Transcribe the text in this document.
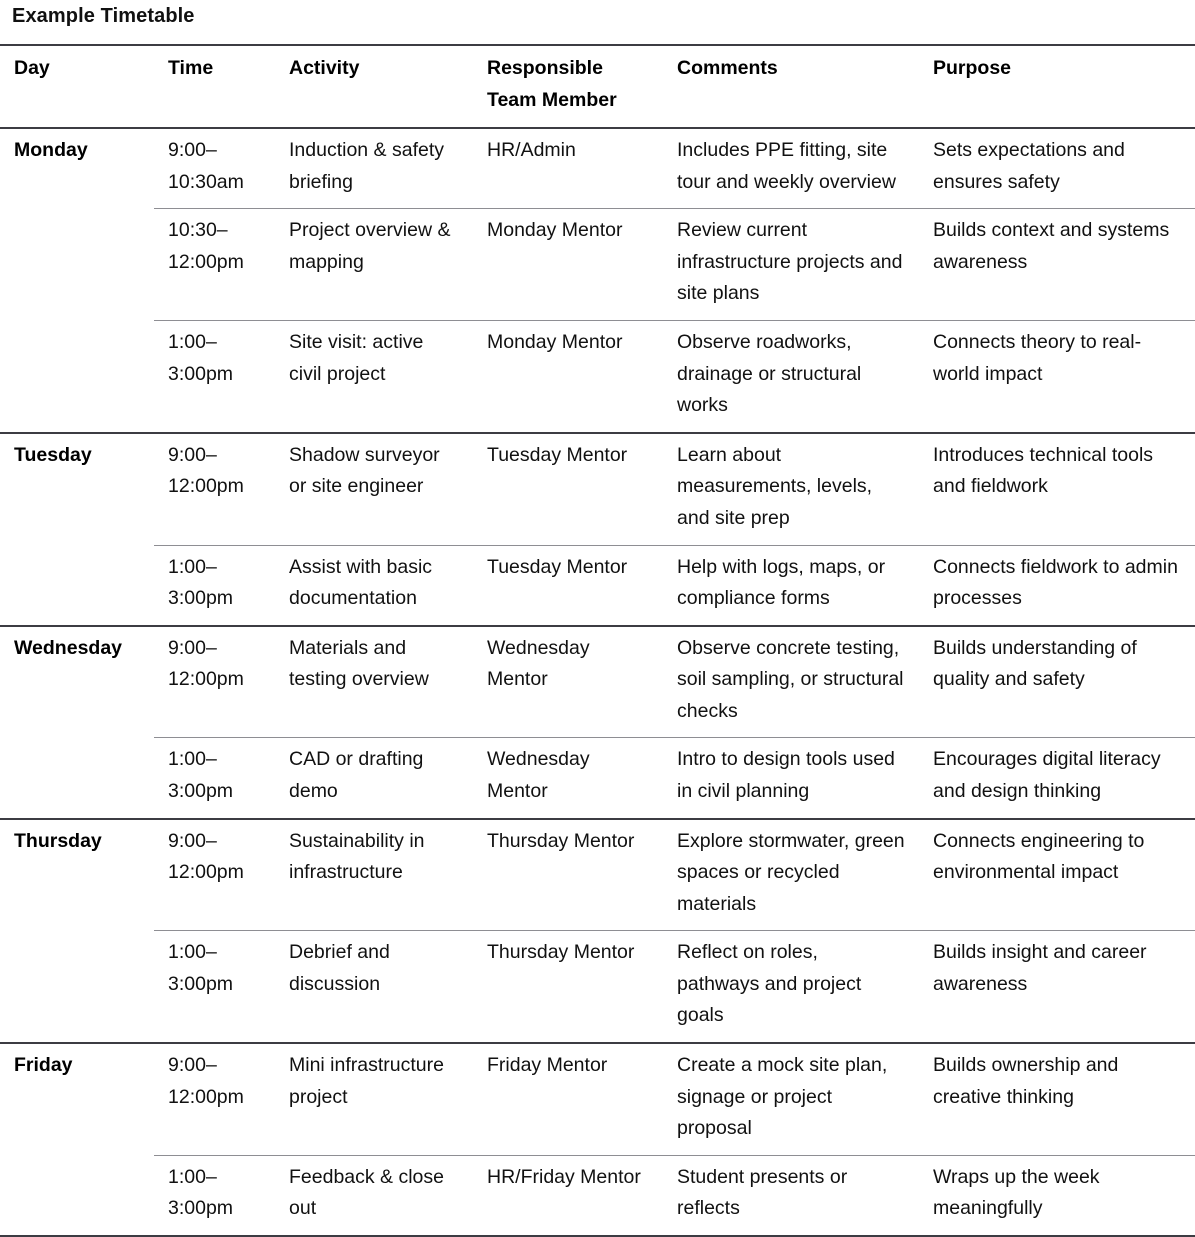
Example Timetable
Day	Time	Activity	Responsible Team Member	Comments	Purpose
Monday	9:00–10:30am	Induction & safety briefing	HR/Admin	Includes PPE fitting, site tour and weekly overview	Sets expectations and ensures safety
	10:30–12:00pm	Project overview & mapping	Monday Mentor	Review current infrastructure projects and site plans	Builds context and systems awareness
	1:00–3:00pm	Site visit: active civil project	Monday Mentor	Observe roadworks, drainage or structural works	Connects theory to real-world impact
Tuesday	9:00–12:00pm	Shadow surveyor or site engineer	Tuesday Mentor	Learn about measurements, levels, and site prep	Introduces technical tools and fieldwork
	1:00–3:00pm	Assist with basic documentation	Tuesday Mentor	Help with logs, maps, or compliance forms	Connects fieldwork to admin processes
Wednesday	9:00–12:00pm	Materials and testing overview	Wednesday Mentor	Observe concrete testing, soil sampling, or structural checks	Builds understanding of quality and safety
	1:00–3:00pm	CAD or drafting demo	Wednesday Mentor	Intro to design tools used in civil planning	Encourages digital literacy and design thinking
Thursday	9:00–12:00pm	Sustainability in infrastructure	Thursday Mentor	Explore stormwater, green spaces or recycled materials	Connects engineering to environmental impact
	1:00–3:00pm	Debrief and discussion	Thursday Mentor	Reflect on roles, pathways and project goals	Builds insight and career awareness
Friday	9:00–12:00pm	Mini infrastructure project	Friday Mentor	Create a mock site plan, signage or project proposal	Builds ownership and creative thinking
	1:00–3:00pm	Feedback & close out	HR/Friday Mentor	Student presents or reflects	Wraps up the week meaningfully
